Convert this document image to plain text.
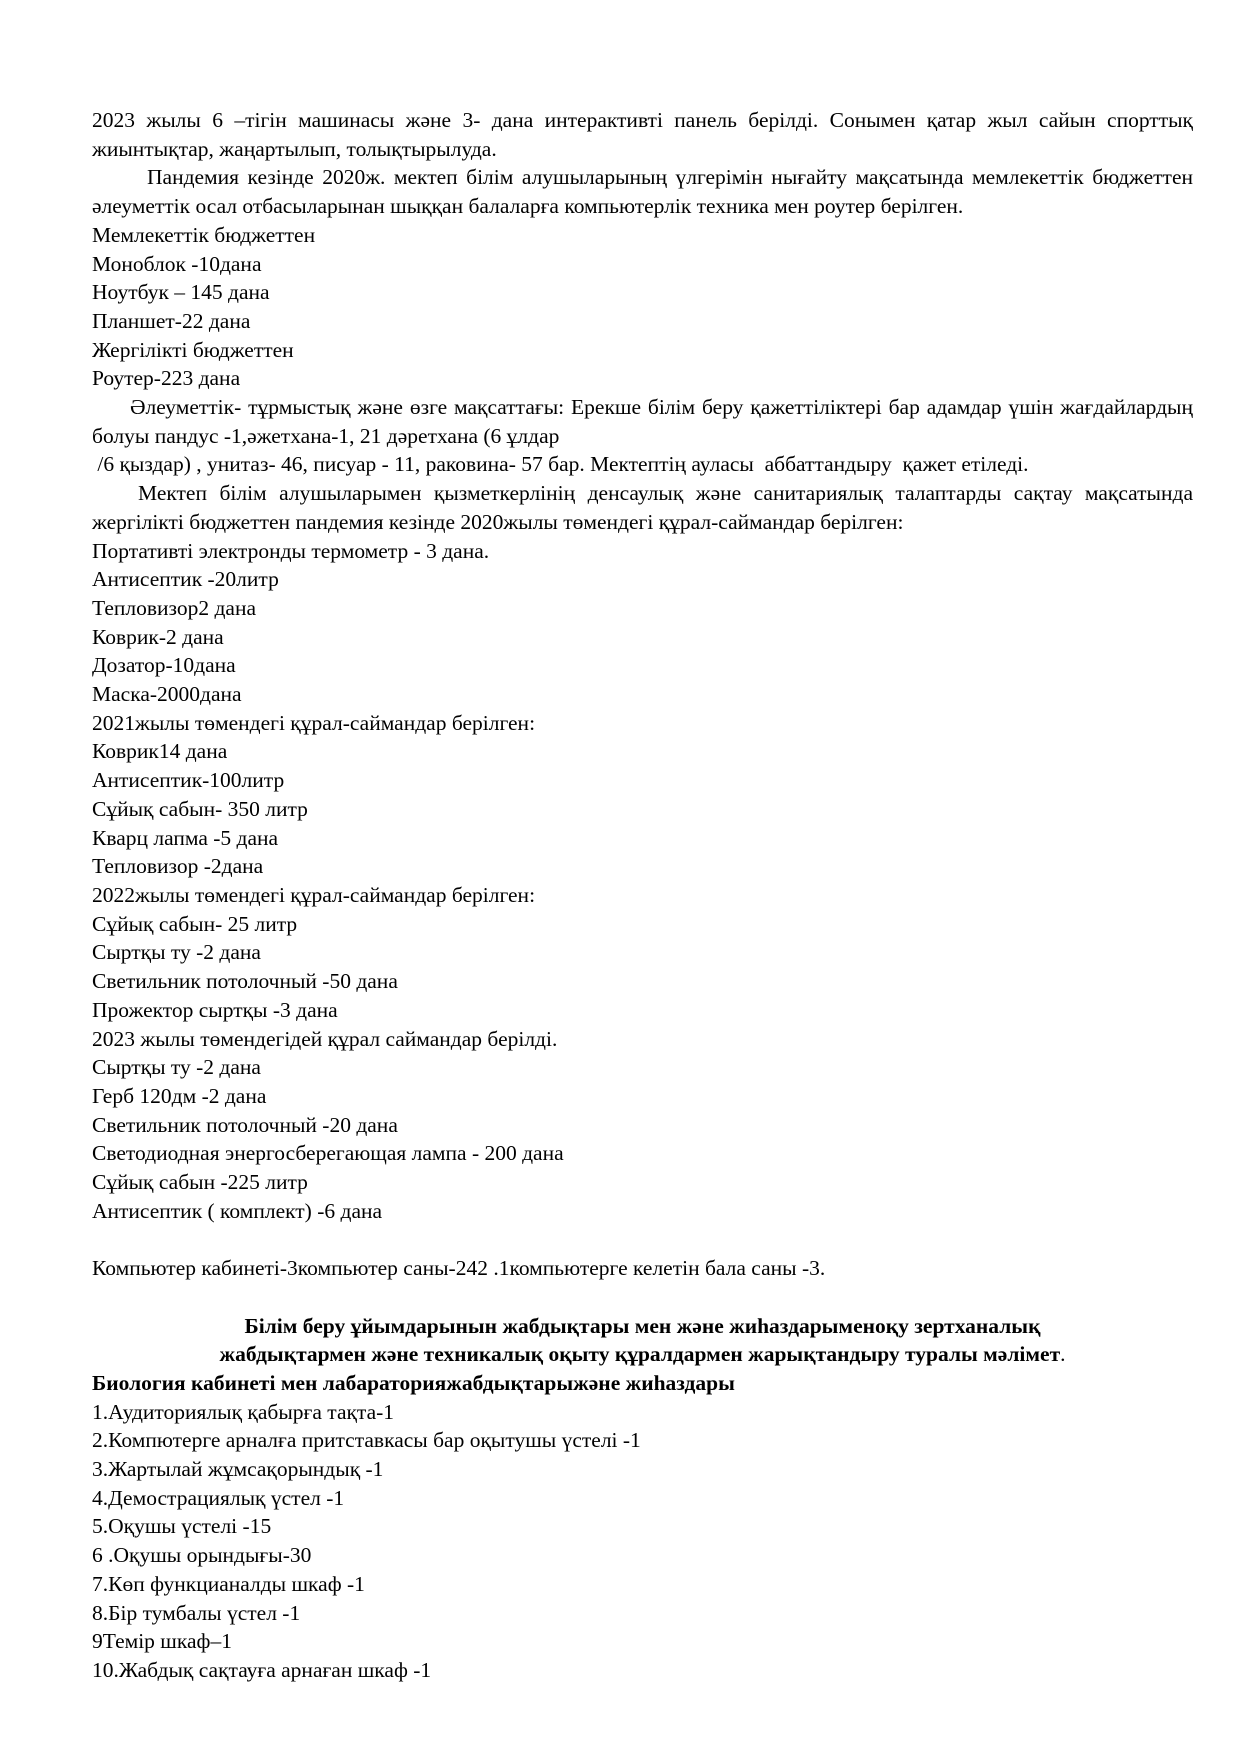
2023 жылы 6 –тігін машинасы және 3- дана интерактивті панель берілді. Сонымен қатар жыл сайын спорттық жиынтықтар, жаңартылып, толықтырылуда.

Пандемия кезінде 2020ж. мектеп білім алушыларының үлгерімін нығайту мақсатында мемлекеттік бюджеттен әлеуметтік осал отбасыларынан шыққан балаларға компьютерлік техника мен роутер берілген.

Мемлекеттік бюджеттен

Моноблок -10дана

Ноутбук – 145 дана

Планшет-22 дана

Жергілікті бюджеттен

Роутер-223 дана

Әлеуметтік- тұрмыстық және өзге мақсаттағы: Ерекше білім беру қажеттіліктері бар адамдар үшін жағдайлардың болуы пандус -1,әжетхана-1, 21 дәретхана (6 ұлдар

/6 қыздар) , унитаз- 46, писуар - 11, раковина- 57 бар. Мектептің ауласы  аббаттандыру  қажет етіледі.

Мектеп білім алушыларымен қызметкерлінің денсаулық және санитариялық талаптарды сақтау мақсатында жергілікті бюджеттен пандемия кезінде 2020жылы төмендегі құрал-саймандар берілген:

Портативті электронды термометр - 3 дана.

Антисептик -20литр

Тепловизор2 дана

Коврик-2 дана

Дозатор-10дана

Маска-2000дана

2021жылы төмендегі құрал-саймандар берілген:

Коврик14 дана

Антисептик-100литр

Сұйық сабын- 350 литр

Кварц лапма -5 дана

Тепловизор -2дана

2022жылы төмендегі құрал-саймандар берілген:

Сұйық сабын- 25 литр

Сыртқы ту -2 дана

Светильник потолочный -50 дана

Прожектор сыртқы -3 дана

2023 жылы төмендегідей құрал саймандар берілді.

Сыртқы ту -2 дана

Герб 120дм -2 дана

Светильник потолочный -20 дана

Светодиодная энергосберегающая лампа - 200 дана

Сұйық сабын -225 литр

Антисептик ( комплект) -6 дана

Компьютер кабинеті-3компьютер саны-242 .1компьютерге келетін бала саны -3.

Білім беру ұйымдарынын жабдықтары мен және жиһаздарыменоқу зертханалық

жабдықтармен және техникалық оқыту құралдармен жарықтандыру туралы мәлімет.

Биология кабинеті мен лабараторияжабдықтарыжәне жиһаздары

1.Аудиториялық қабырға тақта-1

2.Компютерге арналға притставкасы бар оқытушы үстелі -1

3.Жартылай жұмсақорындық -1

4.Демострациялық үстел -1

5.Оқушы үстелі -15

6 .Оқушы орындығы-30

7.Көп функцианалды шкаф -1

8.Бір тумбалы үстел -1

9Темір шкаф–1

10.Жабдық сақтауға арнаған шкаф -1
